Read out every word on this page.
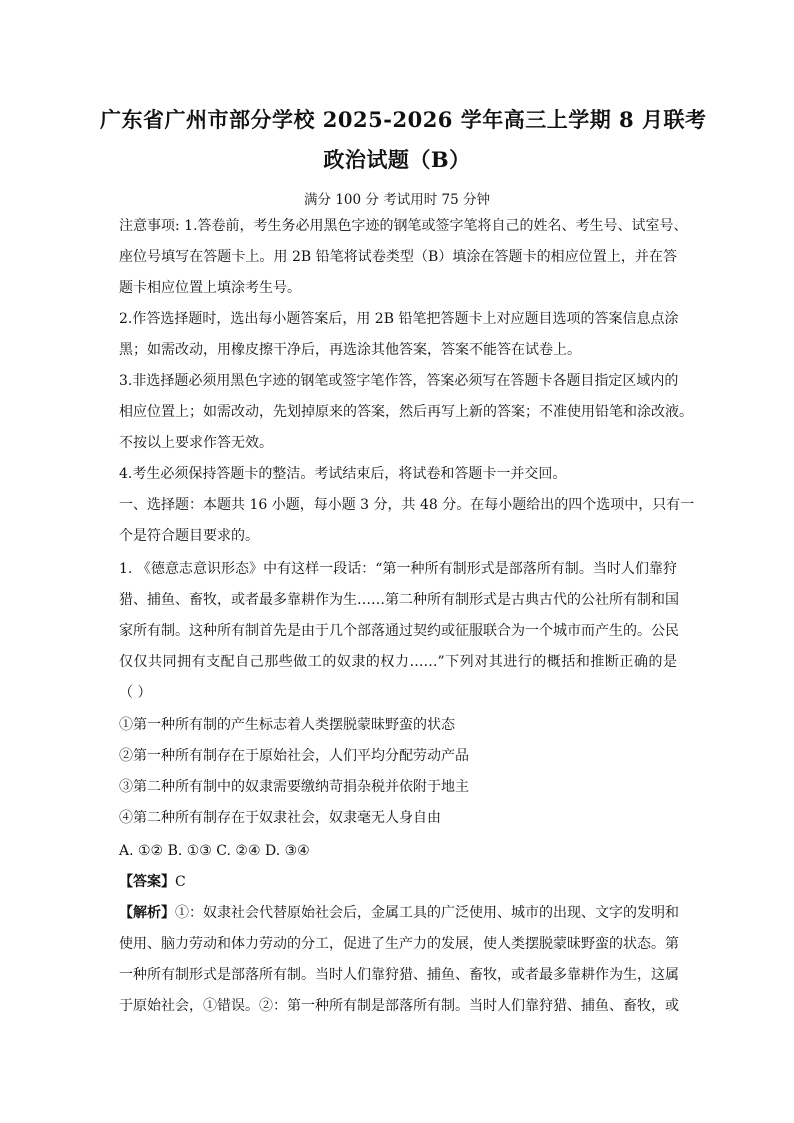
广东省广州市部分学校 2025-2026 学年高三上学期 8 月联考
政治试题（B）
满分 100 分 考试用时 75 分钟
注意事项: 1.答卷前，考生务必用黑色字迹的钢笔或签字笔将自己的姓名、考生号、试室号、
座位号填写在答题卡上。用 2B 铅笔将试卷类型（B）填涂在答题卡的相应位置上，并在答
题卡相应位置上填涂考生号。
2.作答选择题时，选出每小题答案后，用 2B 铅笔把答题卡上对应题目选项的答案信息点涂
黑；如需改动，用橡皮擦干净后，再选涂其他答案，答案不能答在试卷上。
3.非选择题必须用黑色字迹的钢笔或签字笔作答，答案必须写在答题卡各题目指定区域内的
相应位置上；如需改动，先划掉原来的答案，然后再写上新的答案；不准使用铅笔和涂改液。
不按以上要求作答无效。
4.考生必须保持答题卡的整洁。考试结束后，将试卷和答题卡一并交回。
一、选择题：本题共 16 小题，每小题 3 分，共 48 分。在每小题给出的四个选项中，只有一
个是符合题目要求的。
1. 《德意志意识形态》中有这样一段话：“第一种所有制形式是部落所有制。当时人们靠狩
猎、捕鱼、畜牧，或者最多靠耕作为生……第二种所有制形式是古典古代的公社所有制和国
家所有制。这种所有制首先是由于几个部落通过契约或征服联合为一个城市而产生的。公民
仅仅共同拥有支配自己那些做工的奴隶的权力……”下列对其进行的概括和推断正确的是
（ ）
①第一种所有制的产生标志着人类摆脱蒙昧野蛮的状态
②第一种所有制存在于原始社会，人们平均分配劳动产品
③第二种所有制中的奴隶需要缴纳苛捐杂税并依附于地主
④第二种所有制存在于奴隶社会，奴隶毫无人身自由
A. ①② B. ①③ C. ②④ D. ③④
【答案】C
【解析】①：奴隶社会代替原始社会后，金属工具的广泛使用、城市的出现、文字的发明和
使用、脑力劳动和体力劳动的分工，促进了生产力的发展，使人类摆脱蒙昧野蛮的状态。第
一种所有制形式是部落所有制。当时人们靠狩猎、捕鱼、畜牧，或者最多靠耕作为生，这属
于原始社会，①错误。②：第一种所有制是部落所有制。当时人们靠狩猎、捕鱼、畜牧，或
